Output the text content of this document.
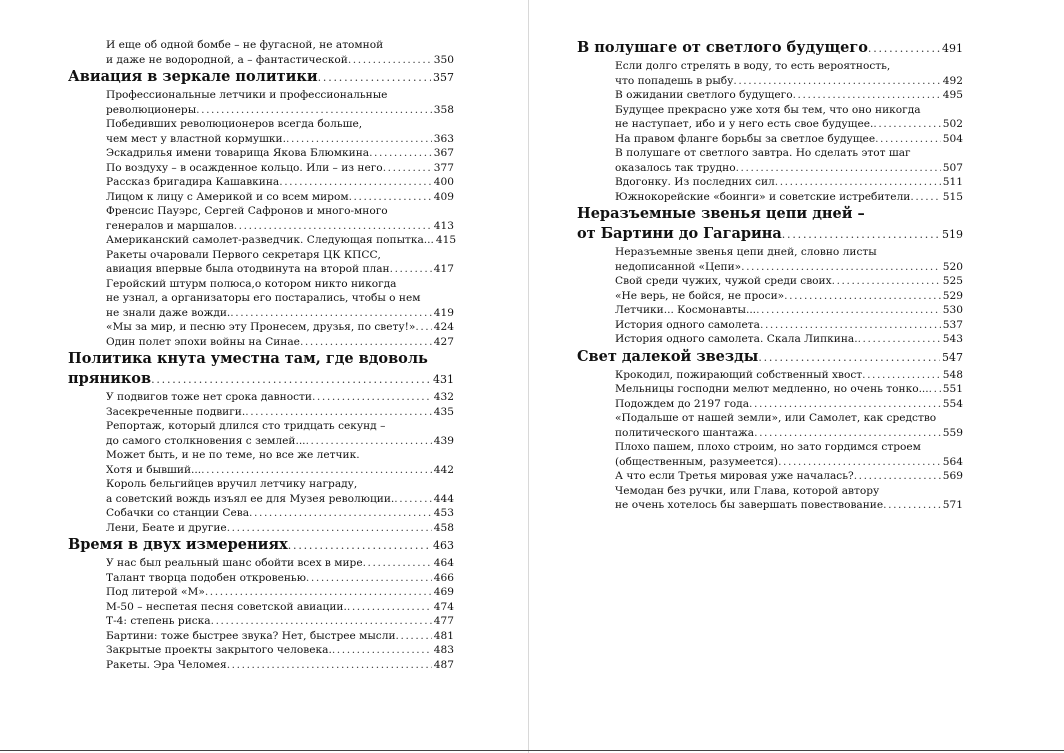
И еще об одной бомбе – не фугасной, не атомной
и даже не водородной, а – фантастической .....	350
Авиация в зеркале политики .....	357
Профессиональные летчики и профессиональные
революционеры .....	358
Победивших революционеров всегда больше,
чем мест у властной кормушки. .....	363
Эскадрилья имени товарища Якова Блюмкина .....	367
По воздуху – в осажденное кольцо. Или – из него .....	377
Рассказ бригадира Кашавкина .....	400
Лицом к лицу с Америкой и со всем миром .....	409
Френсис Пауэрс, Сергей Сафронов и много-много
генералов и маршалов .....	413
Американский самолет-разведчик. Следующая попытка... 415
Ракеты очаровали Первого секретаря ЦК КПСС,
авиация впервые была отодвинута на второй план .....	417
Геройский штурм полюса,о котором никто никогда
не узнал, а организаторы его постарались, чтобы о нем
не знали даже вожди. .....	419
«Мы за мир, и песню эту Пронесем, друзья, по свету!» ..... 424
Один полет эпохи войны на Синае .....	427
Политика кнута уместна там, где вдоволь
пряников .....	431
У подвигов тоже нет срока давности .....	432
Засекреченные подвиги. .....	435
Репортаж, который длился сто тридцать секунд –
до самого столкновения с землей... .....	439
Может быть, и не по теме, но все же летчик.
Хотя и бывший... .....	442
Король бельгийцев вручил летчику награду,
а советский вождь изъял ее для Музея революции. .....	444
Собачки со станции Сева .....	453
Лени, Беате и другие .....	458
Время в двух измерениях .....	463
У нас был реальный шанс обойти всех в мире .....	464
Талант творца подобен откровенью .....	466
Под литерой «М» .....	469
М-50 – неспетая песня советской авиации. .....	474
Т-4: степень риска .....	477
Бартини: тоже быстрее звука? Нет, быстрее мысли .....	481
Закрытые проекты закрытого человека. .....	483
Ракеты. Эра Челомея .....	487
В полушаге от светлого будущего .....	491
Если долго стрелять в воду, то есть вероятность,
что попадешь в рыбу .....	492
В ожидании светлого будущего .....	495
Будущее прекрасно уже хотя бы тем, что оно никогда
не наступает, ибо и у него есть свое будущее. .....	502
На правом фланге борьбы за светлое будущее .....	504
В полушаге от светлого завтра. Но сделать этот шаг
оказалось так трудно .....	507
Вдогонку. Из последних сил .....	511
Южнокорейские «боинги» и советские истребители .....	515
Неразъемные звенья цепи дней –
от Бартини до Гагарина .....	519
Неразъемные звенья цепи дней, словно листы
недописанной «Цепи» .....	520
Свой среди чужих, чужой среди своих .....	525
«Не верь, не бойся, не проси» .....	529
Летчики... Космонавты... .....	530
История одного самолета .....	537
История одного самолета. Скала Липкина. .....	543
Свет далекой звезды .....	547
Крокодил, пожирающий собственный хвост .....	548
Мельницы господни мелют медленно, но очень тонко... ..... 551
Подождем до 2197 года .....	554
«Подальше от нашей земли», или Самолет, как средство
политического шантажа .....	559
Плохо пашем, плохо строим, но зато гордимся строем
(общественным, разумеется) .....	564
А что если Третья мировая уже началась? .....	569
Чемодан без ручки, или Глава, которой автору
не очень хотелось бы завершать повествование .....	571
